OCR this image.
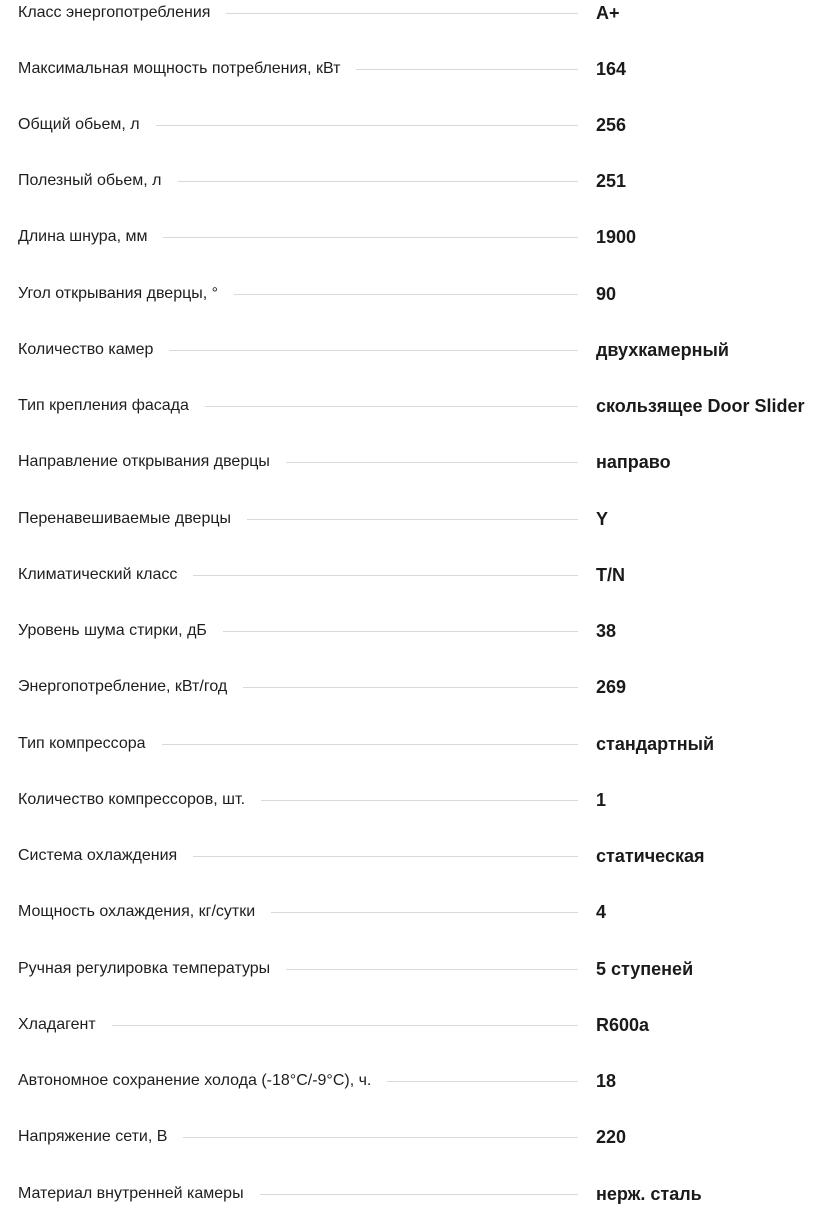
Класс энергопотребления	A+
Максимальная мощность потребления, кВт	164
Общий обьем, л	256
Полезный обьем, л	251
Длина шнура, мм	1900
Угол открывания дверцы, °	90
Количество камер	двухкамерный
Тип крепления фасада	скользящее Door Slider
Направление открывания дверцы	направо
Перенавешиваемые дверцы	Y
Климатический класс	T/N
Уровень шума стирки, дБ	38
Энергопотребление, кВт/год	269
Тип компрессора	стандартный
Количество компрессоров, шт.	1
Система охлаждения	статическая
Мощность охлаждения, кг/сутки	4
Ручная регулировка температуры	5 ступеней
Хладагент	R600a
Автономное сохранение холода (-18°C/-9°C), ч.	18
Напряжение сети, В	220
Материал внутренней камеры	нерж. сталь
